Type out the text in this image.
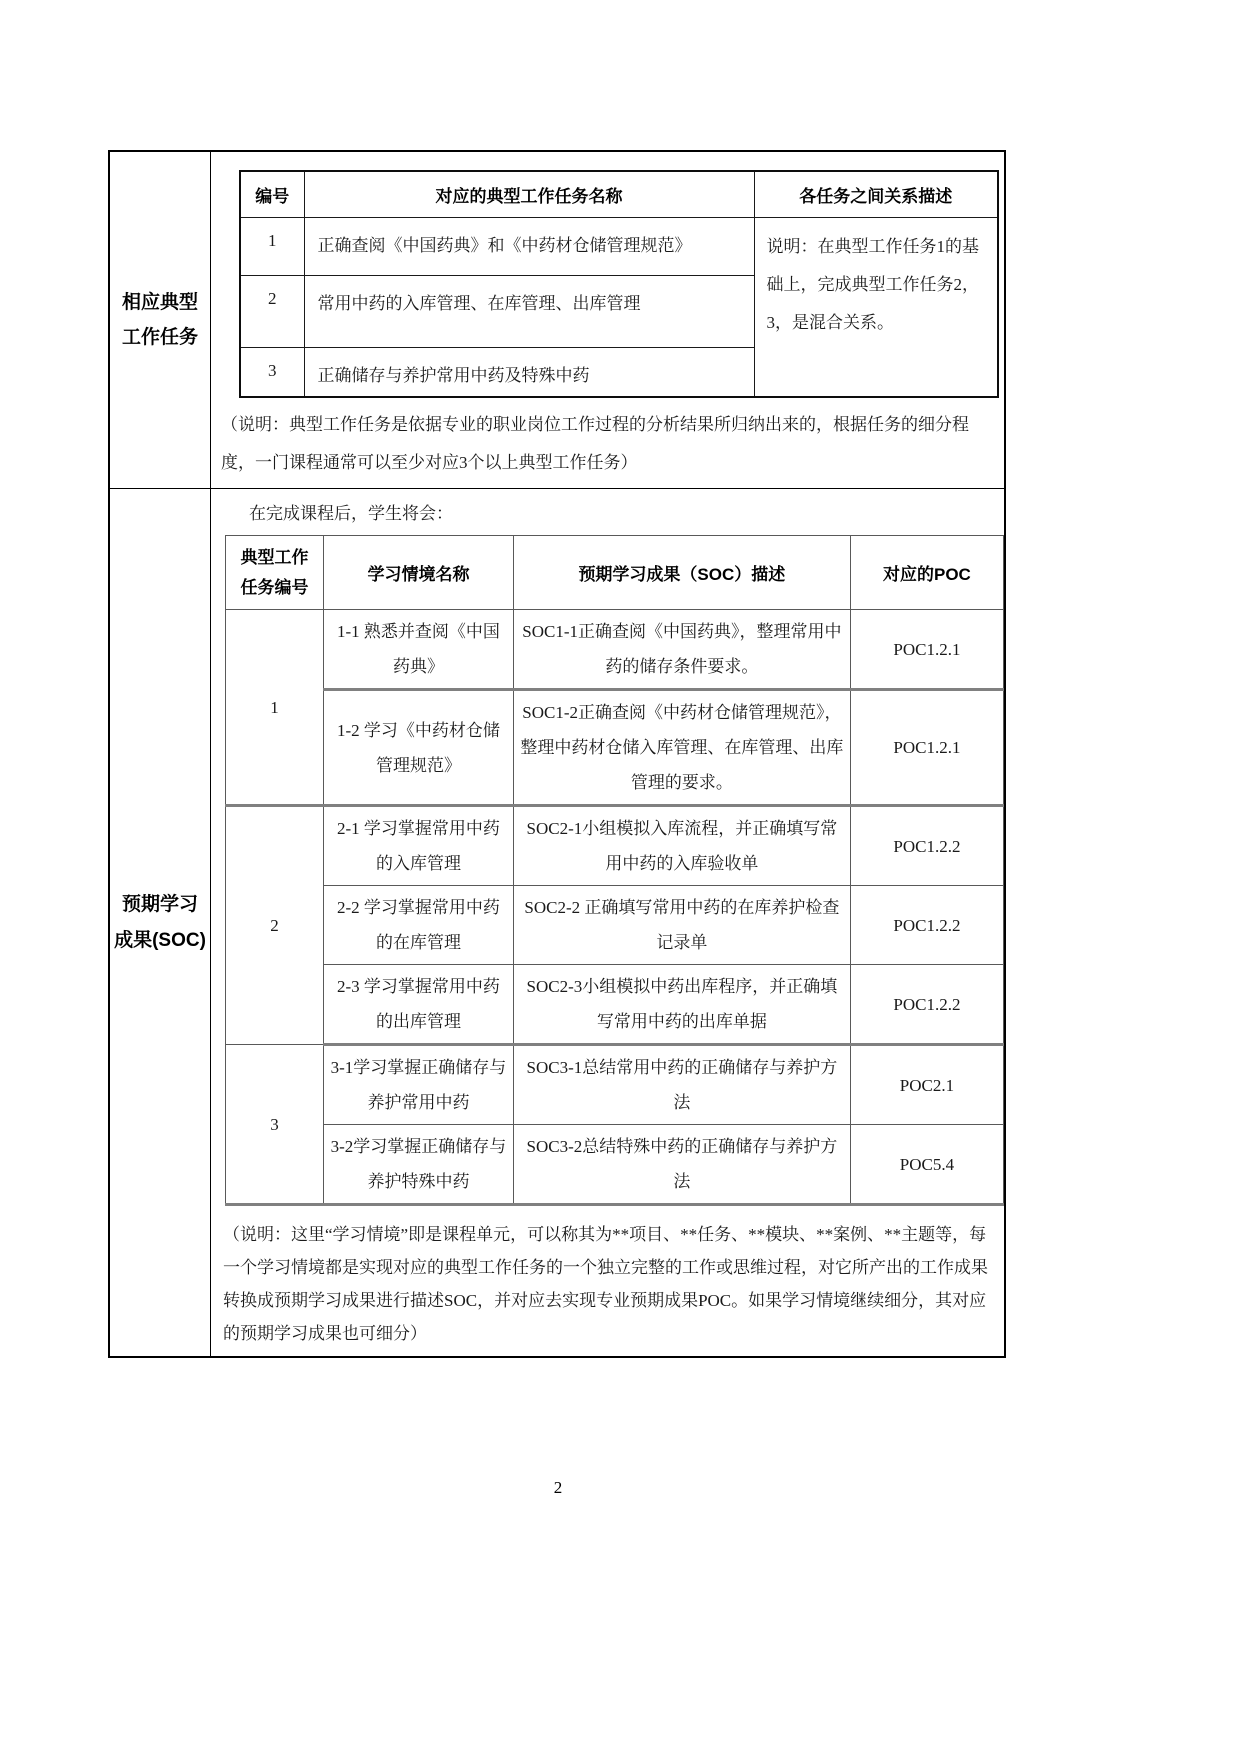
相应典型
工作任务
编号	对应的典型工作任务名称	各任务之间关系描述
1	正确查阅《中国药典》和《中药材仓储管理规范》	说明：在典型工作任务1的基础上，完成典型工作任务2，3，是混合关系。
2	常用中药的入库管理、在库管理、出库管理	
3	正确储存与养护常用中药及特殊中药	
（说明：典型工作任务是依据专业的职业岗位工作过程的分析结果所归纳出来的，根据任务的细分程度，一门课程通常可以至少对应3个以上典型工作任务）
预期学习
成果(SOC)
在完成课程后，学生将会：
典型工作任务编号	学习情境名称	预期学习成果（SOC）描述	对应的POC
1	1-1 熟悉并查阅《中国药典》	SOC1-1正确查阅《中国药典》，整理常用中药的储存条件要求。	POC1.2.1
	1-2 学习《中药材仓储管理规范》	SOC1-2正确查阅《中药材仓储管理规范》，整理中药材仓储入库管理、在库管理、出库管理的要求。	POC1.2.1
2	2-1 学习掌握常用中药的入库管理	SOC2-1小组模拟入库流程，并正确填写常用中药的入库验收单	POC1.2.2
	2-2 学习掌握常用中药的在库管理	SOC2-2 正确填写常用中药的在库养护检查记录单	POC1.2.2
	2-3 学习掌握常用中药的出库管理	SOC2-3小组模拟中药出库程序，并正确填写常用中药的出库单据	POC1.2.2
3	3-1学习掌握正确储存与养护常用中药	SOC3-1总结常用中药的正确储存与养护方法	POC2.1
	3-2学习掌握正确储存与养护特殊中药	SOC3-2总结特殊中药的正确储存与养护方法	POC5.4
（说明：这里“学习情境”即是课程单元，可以称其为**项目、**任务、**模块、**案例、**主题等，每一个学习情境都是实现对应的典型工作任务的一个独立完整的工作或思维过程，对它所产出的工作成果转换成预期学习成果进行描述SOC，并对应去实现专业预期成果POC。如果学习情境继续细分，其对应的预期学习成果也可细分）
2
